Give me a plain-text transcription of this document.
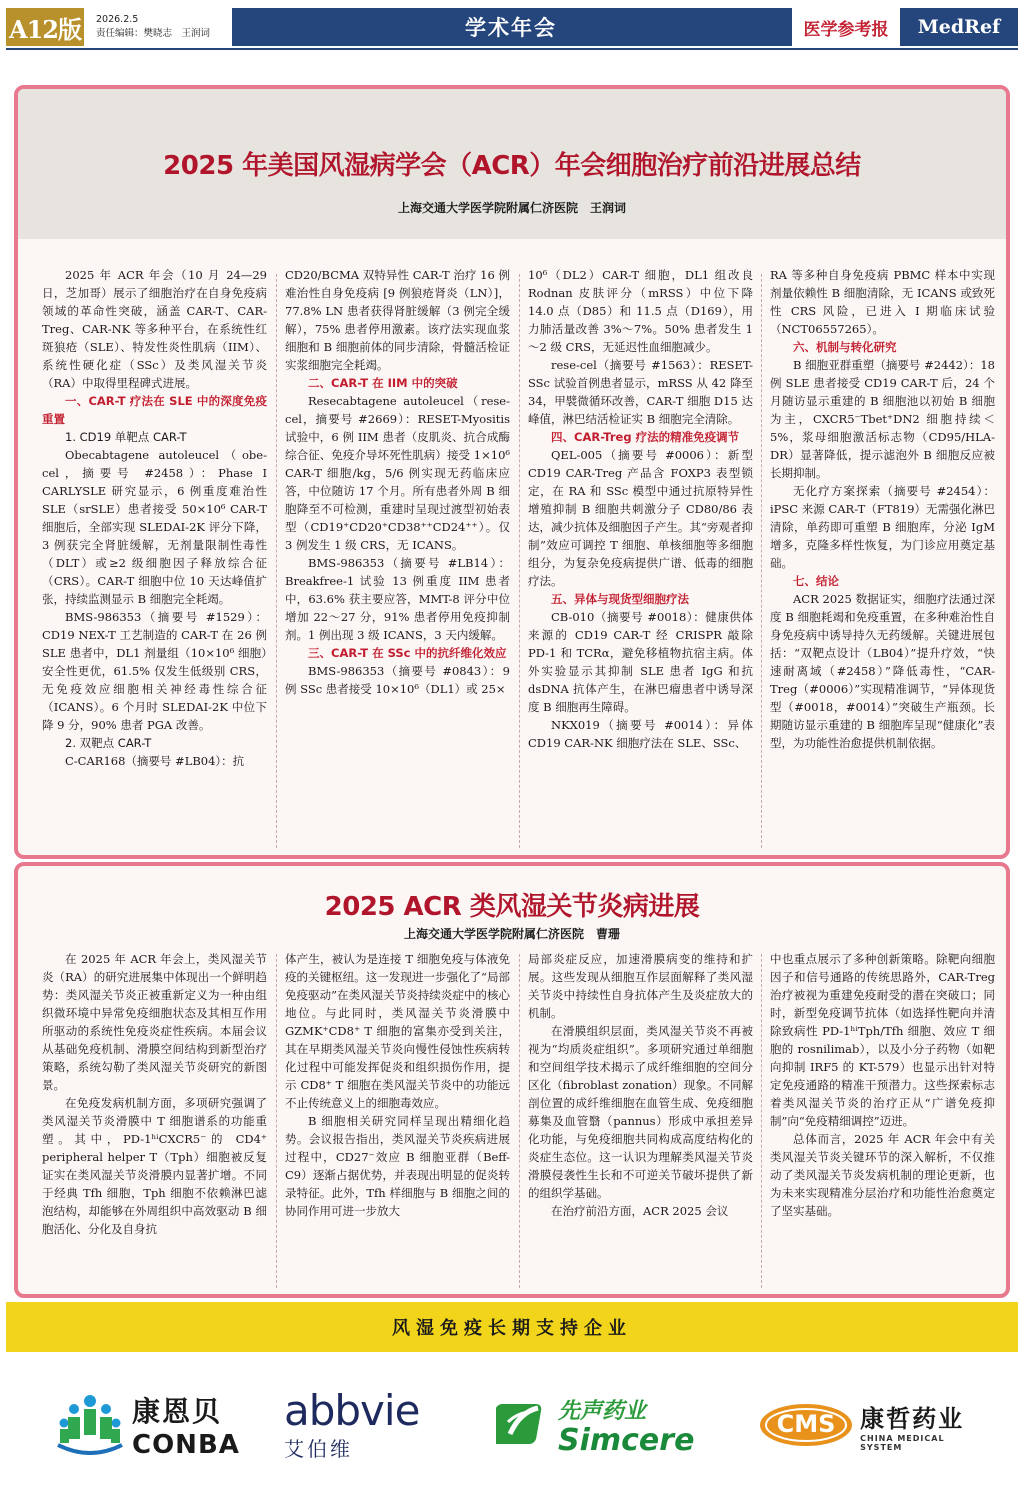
A12版	2026.2.5
责任编辑：樊晓志　王润词	学术年会	医学参考报	MedRef
2025 年美国风湿病学会（ACR）年会细胞治疗前沿进展总结
上海交通大学医学院附属仁济医院　王润词

2025 年 ACR 年会（10 月 24—29 日，芝加哥）展示了细胞治疗在自身免疫病领域的革命性突破，涵盖 CAR-T、CAR-Treg、CAR-NK 等多种平台，在系统性红斑狼疮（SLE）、特发性炎性肌病（IIM）、系统性硬化症（SSc）及类风湿关节炎（RA）中取得里程碑式进展。

一、CAR-T 疗法在 SLE 中的深度免疫重置
1. CD19 单靶点 CAR-T

Obecabtagene autoleucel（obe-cel，摘要号 #2458）：Phase I CARLYSLE 研究显示，6 例重度难治性 SLE（srSLE）患者接受 50×10⁶ CAR-T 细胞后，全部实现 SLEDAI-2K 评分下降，3 例获完全肾脏缓解，无剂量限制性毒性（DLT）或≥2 级细胞因子释放综合征（CRS）。CAR-T 细胞中位 10 天达峰值扩张，持续监测显示 B 细胞完全耗竭。

BMS-986353（摘要号 #1529）：CD19 NEX-T 工艺制造的 CAR-T 在 26 例 SLE 患者中，DL1 剂量组（10×10⁶ 细胞）安全性更优，61.5% 仅发生低级别 CRS，无免疫效应细胞相关神经毒性综合征（ICANS）。6 个月时 SLEDAI-2K 中位下降 9 分，90% 患者 PGA 改善。

2. 双靶点 CAR-T

C-CAR168（摘要号 #LB04）：抗

CD20/BCMA 双特异性 CAR-T 治疗 16 例难治性自身免疫病 [9 例狼疮肾炎（LN）]，77.8% LN 患者获得肾脏缓解（3 例完全缓解），75% 患者停用激素。该疗法实现血浆细胞和 B 细胞前体的同步清除，骨髓活检证实浆细胞完全耗竭。

二、CAR-T 在 IIM 中的突破

Resecabtagene autoleucel（rese-cel，摘要号 #2669）：RESET-Myositis 试验中，6 例 IIM 患者（皮肌炎、抗合成酶综合征、免疫介导坏死性肌病）接受 1×10⁶ CAR-T 细胞/kg，5/6 例实现无药临床应答，中位随访 17 个月。所有患者外周 B 细胞降至不可检测，重建时呈现过渡型初始表型（CD19⁺CD20⁺CD38⁺⁺CD24⁺⁺）。仅 3 例发生 1 级 CRS，无 ICANS。

BMS-986353（摘要号 #LB14）：Breakfree-1 试验 13 例重度 IIM 患者中，63.6% 获主要应答，MMT-8 评分中位增加 22～27 分，91% 患者停用免疫抑制剂。1 例出现 3 级 ICANS，3 天内缓解。

三、CAR-T 在 SSc 中的抗纤维化效应

BMS-986353（摘要号 #0843）：9 例 SSc 患者接受 10×10⁶（DL1）或 25×

10⁶（DL2）CAR-T 细胞，DL1 组改良 Rodnan 皮肤评分（mRSS）中位下降 14.0 点（D85）和 11.5 点（D169），用力肺活量改善 3%～7%。50% 患者发生 1～2 级 CRS，无延迟性血细胞减少。

rese-cel（摘要号 #1563）：RESET-SSc 试验首例患者显示，mRSS 从 42 降至 34，甲襞微循环改善，CAR-T 细胞 D15 达峰值，淋巴结活检证实 B 细胞完全清除。

四、CAR-Treg 疗法的精准免疫调节

QEL-005（摘要号 #0006）：新型 CD19 CAR-Treg 产品含 FOXP3 表型锁定，在 RA 和 SSc 模型中通过抗原特异性增殖抑制 B 细胞共刺激分子 CD80/86 表达，减少抗体及细胞因子产生。其“旁观者抑制”效应可调控 T 细胞、单核细胞等多细胞组分，为复杂免疫病提供广谱、低毒的细胞疗法。

五、异体与现货型细胞疗法

CB-010（摘要号 #0018）：健康供体来源的 CD19 CAR-T 经 CRISPR 敲除 PD-1 和 TCRα，避免移植物抗宿主病。体外实验显示其抑制 SLE 患者 IgG 和抗 dsDNA 抗体产生，在淋巴瘤患者中诱导深度 B 细胞再生障碍。

NKX019（摘要号 #0014）：异体 CD19 CAR-NK 细胞疗法在 SLE、SSc、

RA 等多种自身免疫病 PBMC 样本中实现剂量依赖性 B 细胞清除，无 ICANS 或致死性 CRS 风险，已进入 I 期临床试验（NCT06557265）。

六、机制与转化研究

B 细胞亚群重塑（摘要号 #2442）：18 例 SLE 患者接受 CD19 CAR-T 后，24 个月随访显示重建的 B 细胞池以初始 B 细胞为主，CXCR5⁻Tbet⁺DN2 细胞持续＜5%，浆母细胞激活标志物（CD95/HLA-DR）显著降低，提示滤泡外 B 细胞反应被长期抑制。

无化疗方案探索（摘要号 #2454）：iPSC 来源 CAR-T（FT819）无需强化淋巴清除，单药即可重塑 B 细胞库，分泌 IgM 增多，克隆多样性恢复，为门诊应用奠定基础。

七、结论

ACR 2025 数据证实，细胞疗法通过深度 B 细胞耗竭和免疫重置，在多种难治性自身免疫病中诱导持久无药缓解。关键进展包括：“双靶点设计（LB04）”提升疗效，“快速耐离域（#2458）”降低毒性，“CAR-Treg（#0006）”实现精准调节，“异体现货型（#0018，#0014）”突破生产瓶颈。长期随访显示重建的 B 细胞库呈现“健康化”表型，为功能性治愈提供机制依据。

2025 ACR 类风湿关节炎病进展
上海交通大学医学院附属仁济医院　曹珊

在 2025 年 ACR 年会上，类风湿关节炎（RA）的研究进展集中体现出一个鲜明趋势：类风湿关节炎正被重新定义为一种由组织微环境中异常免疫细胞状态及其相互作用所驱动的系统性免疫炎症性疾病。本届会议从基础免疫机制、滑膜空间结构到新型治疗策略，系统勾勒了类风湿关节炎研究的新图景。

在免疫发病机制方面，多项研究强调了类风湿关节炎滑膜中 T 细胞谱系的功能重塑。其中，PD-1ʰⁱCXCR5⁻的 CD4⁺ peripheral helper T（Tph）细胞被反复证实在类风湿关节炎滑膜内显著扩增。不同于经典 Tfh 细胞，Tph 细胞不依赖淋巴滤泡结构，却能够在外周组织中高效驱动 B 细胞活化、分化及自身抗

体产生，被认为是连接 T 细胞免疫与体液免疫的关键枢纽。这一发现进一步强化了“局部免疫驱动”在类风湿关节炎持续炎症中的核心地位。与此同时，类风湿关节炎滑膜中 GZMK⁺CD8⁺ T 细胞的富集亦受到关注，其在早期类风湿关节炎向慢性侵蚀性疾病转化过程中可能发挥促炎和组织损伤作用，提示 CD8⁺ T 细胞在类风湿关节炎中的功能远不止传统意义上的细胞毒效应。

B 细胞相关研究同样呈现出精细化趋势。会议报告指出，类风湿关节炎疾病进展过程中，CD27⁻效应 B 细胞亚群（Beff-C9）逐渐占据优势，并表现出明显的促炎转录特征。此外，Tfh 样细胞与 B 细胞之间的协同作用可进一步放大

局部炎症反应，加速滑膜病变的维持和扩展。这些发现从细胞互作层面解释了类风湿关节炎中持续性自身抗体产生及炎症放大的机制。

在滑膜组织层面，类风湿关节炎不再被视为“均质炎症组织”。多项研究通过单细胞和空间组学技术揭示了成纤维细胞的空间分区化（fibroblast zonation）现象。不同解剖位置的成纤维细胞在血管生成、免疫细胞募集及血管翳（pannus）形成中承担差异化功能，与免疫细胞共同构成高度结构化的炎症生态位。这一认识为理解类风湿关节炎滑膜侵袭性生长和不可逆关节破坏提供了新的组织学基础。

在治疗前沿方面，ACR 2025 会议

中也重点展示了多种创新策略。除靶向细胞因子和信号通路的传统思路外，CAR-Treg 治疗被视为重建免疫耐受的潜在突破口；同时，新型免疫调节抗体（如选择性靶向并清除致病性 PD-1ʰⁱTph/Tfh 细胞、效应 T 细胞的 rosnilimab），以及小分子药物（如靶向抑制 IRF5 的 KT-579）也显示出针对特定免疫通路的精准干预潜力。这些探索标志着类风湿关节炎的治疗正从“广谱免疫抑制”向“免疫精细调控”迈进。

总体而言，2025 年 ACR 年会中有关类风湿关节炎关键环节的深入解析，不仅推动了类风湿关节炎发病机制的理论更新，也为未来实现精准分层治疗和功能性治愈奠定了坚实基础。

风湿免疫长期支持企业
康恩贝
CONBA
abbvie
艾伯维
先声药业
Simcere	CMS	康哲药业
CHINA MEDICAL SYSTEM
